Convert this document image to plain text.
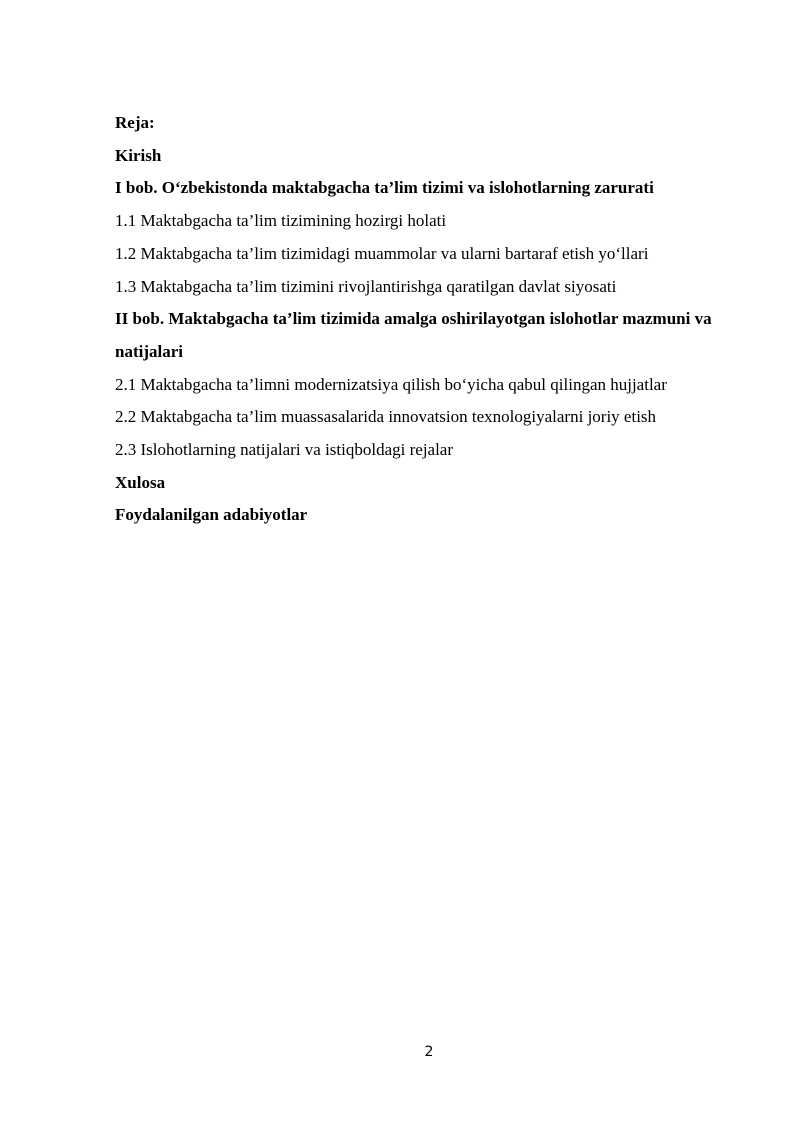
Reja:
Kirish
I bob. O‘zbekistonda maktabgacha ta’lim tizimi va islohotlarning zarurati
1.1 Maktabgacha ta’lim tizimining hozirgi holati
1.2 Maktabgacha ta’lim tizimidagi muammolar va ularni bartaraf etish yo‘llari
1.3 Maktabgacha ta’lim tizimini rivojlantirishga qaratilgan davlat siyosati
II bob. Maktabgacha ta’lim tizimida amalga oshirilayotgan islohotlar mazmuni va natijalari
2.1 Maktabgacha ta’limni modernizatsiya qilish bo‘yicha qabul qilingan hujjatlar
2.2 Maktabgacha ta’lim muassasalarida innovatsion texnologiyalarni joriy etish
2.3 Islohotlarning natijalari va istiqboldagi rejalar
Xulosa
Foydalanilgan adabiyotlar
2
